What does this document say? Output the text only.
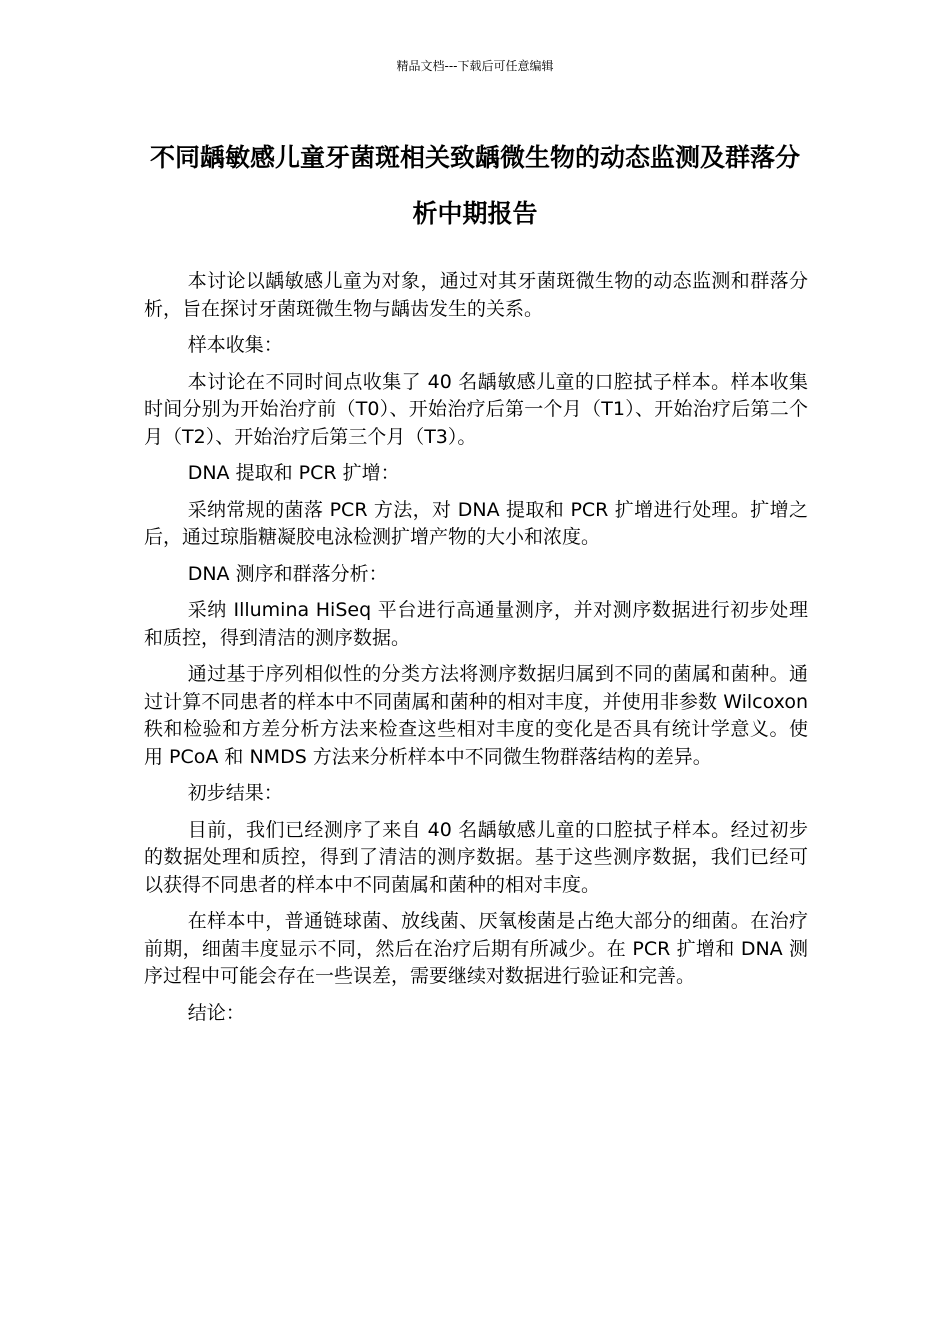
精品文档---下载后可任意编辑
不同龋敏感儿童牙菌斑相关致龋微生物的动态监测及群落分析中期报告

本讨论以龋敏感儿童为对象，通过对其牙菌斑微生物的动态监测和群落分析，旨在探讨牙菌斑微生物与龋齿发生的关系。

样本收集：

本讨论在不同时间点收集了 40 名龋敏感儿童的口腔拭子样本。样本收集时间分别为开始治疗前（T0）、开始治疗后第一个月（T1）、开始治疗后第二个月（T2）、开始治疗后第三个月（T3）。

DNA 提取和 PCR 扩增：

采纳常规的菌落 PCR 方法，对 DNA 提取和 PCR 扩增进行处理。扩增之后，通过琼脂糖凝胶电泳检测扩增产物的大小和浓度。

DNA 测序和群落分析：

采纳 Illumina HiSeq 平台进行高通量测序，并对测序数据进行初步处理和质控，得到清洁的测序数据。

通过基于序列相似性的分类方法将测序数据归属到不同的菌属和菌种。通过计算不同患者的样本中不同菌属和菌种的相对丰度，并使用非参数 Wilcoxon 秩和检验和方差分析方法来检查这些相对丰度的变化是否具有统计学意义。使用 PCoA 和 NMDS 方法来分析样本中不同微生物群落结构的差异。

初步结果：

目前，我们已经测序了来自 40 名龋敏感儿童的口腔拭子样本。经过初步的数据处理和质控，得到了清洁的测序数据。基于这些测序数据，我们已经可以获得不同患者的样本中不同菌属和菌种的相对丰度。

在样本中，普通链球菌、放线菌、厌氧梭菌是占绝大部分的细菌。在治疗前期，细菌丰度显示不同，然后在治疗后期有所减少。在 PCR 扩增和 DNA 测序过程中可能会存在一些误差，需要继续对数据进行验证和完善。

结论：
